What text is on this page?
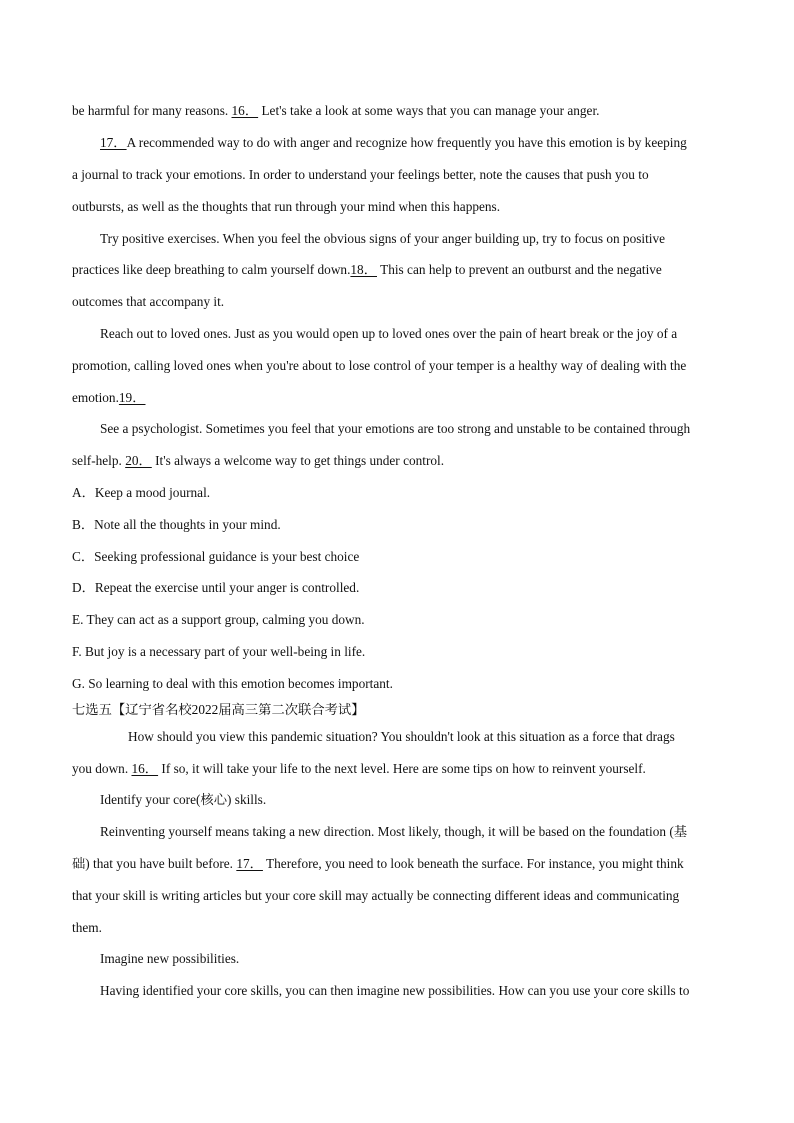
be harmful for many reasons. 16． Let's take a look at some ways that you can manage your anger.

17．A recommended way to do with anger and recognize how frequently you have this emotion is by keeping

a journal to track your emotions. In order to understand your feelings better, note the causes that push you to

outbursts, as well as the thoughts that run through your mind when this happens.

Try positive exercises. When you feel the obvious signs of your anger building up, try to focus on positive

practices like deep breathing to calm yourself down.18． This can help to prevent an outburst and the negative

outcomes that accompany it.

Reach out to loved ones. Just as you would open up to loved ones over the pain of heart break or the joy of a

promotion, calling loved ones when you're about to lose control of your temper is a healthy way of dealing with the

emotion.19．

See a psychologist. Sometimes you feel that your emotions are too strong and unstable to be contained through

self-help. 20． It's always a welcome way to get things under control.

A．Keep a mood journal.

B．Note all the thoughts in your mind.

C．Seeking professional guidance is your best choice

D．Repeat the exercise until your anger is controlled.

E. They can act as a support group, calming you down.

F. But joy is a necessary part of your well-being in life.

G. So learning to deal with this emotion becomes important.

七选五【辽宁省名校2022届高三第二次联合考试】

How should you view this pandemic situation? You shouldn't look at this situation as a force that drags

you down. 16． If so, it will take your life to the next level. Here are some tips on how to reinvent yourself.

Identify your core(核心) skills.

Reinventing yourself means taking a new direction. Most likely, though, it will be based on the foundation (基

础) that you have built before. 17． Therefore, you need to look beneath the surface. For instance, you might think

that your skill is writing articles but your core skill may actually be connecting different ideas and communicating

them.

Imagine new possibilities.

Having identified your core skills, you can then imagine new possibilities. How can you use your core skills to
